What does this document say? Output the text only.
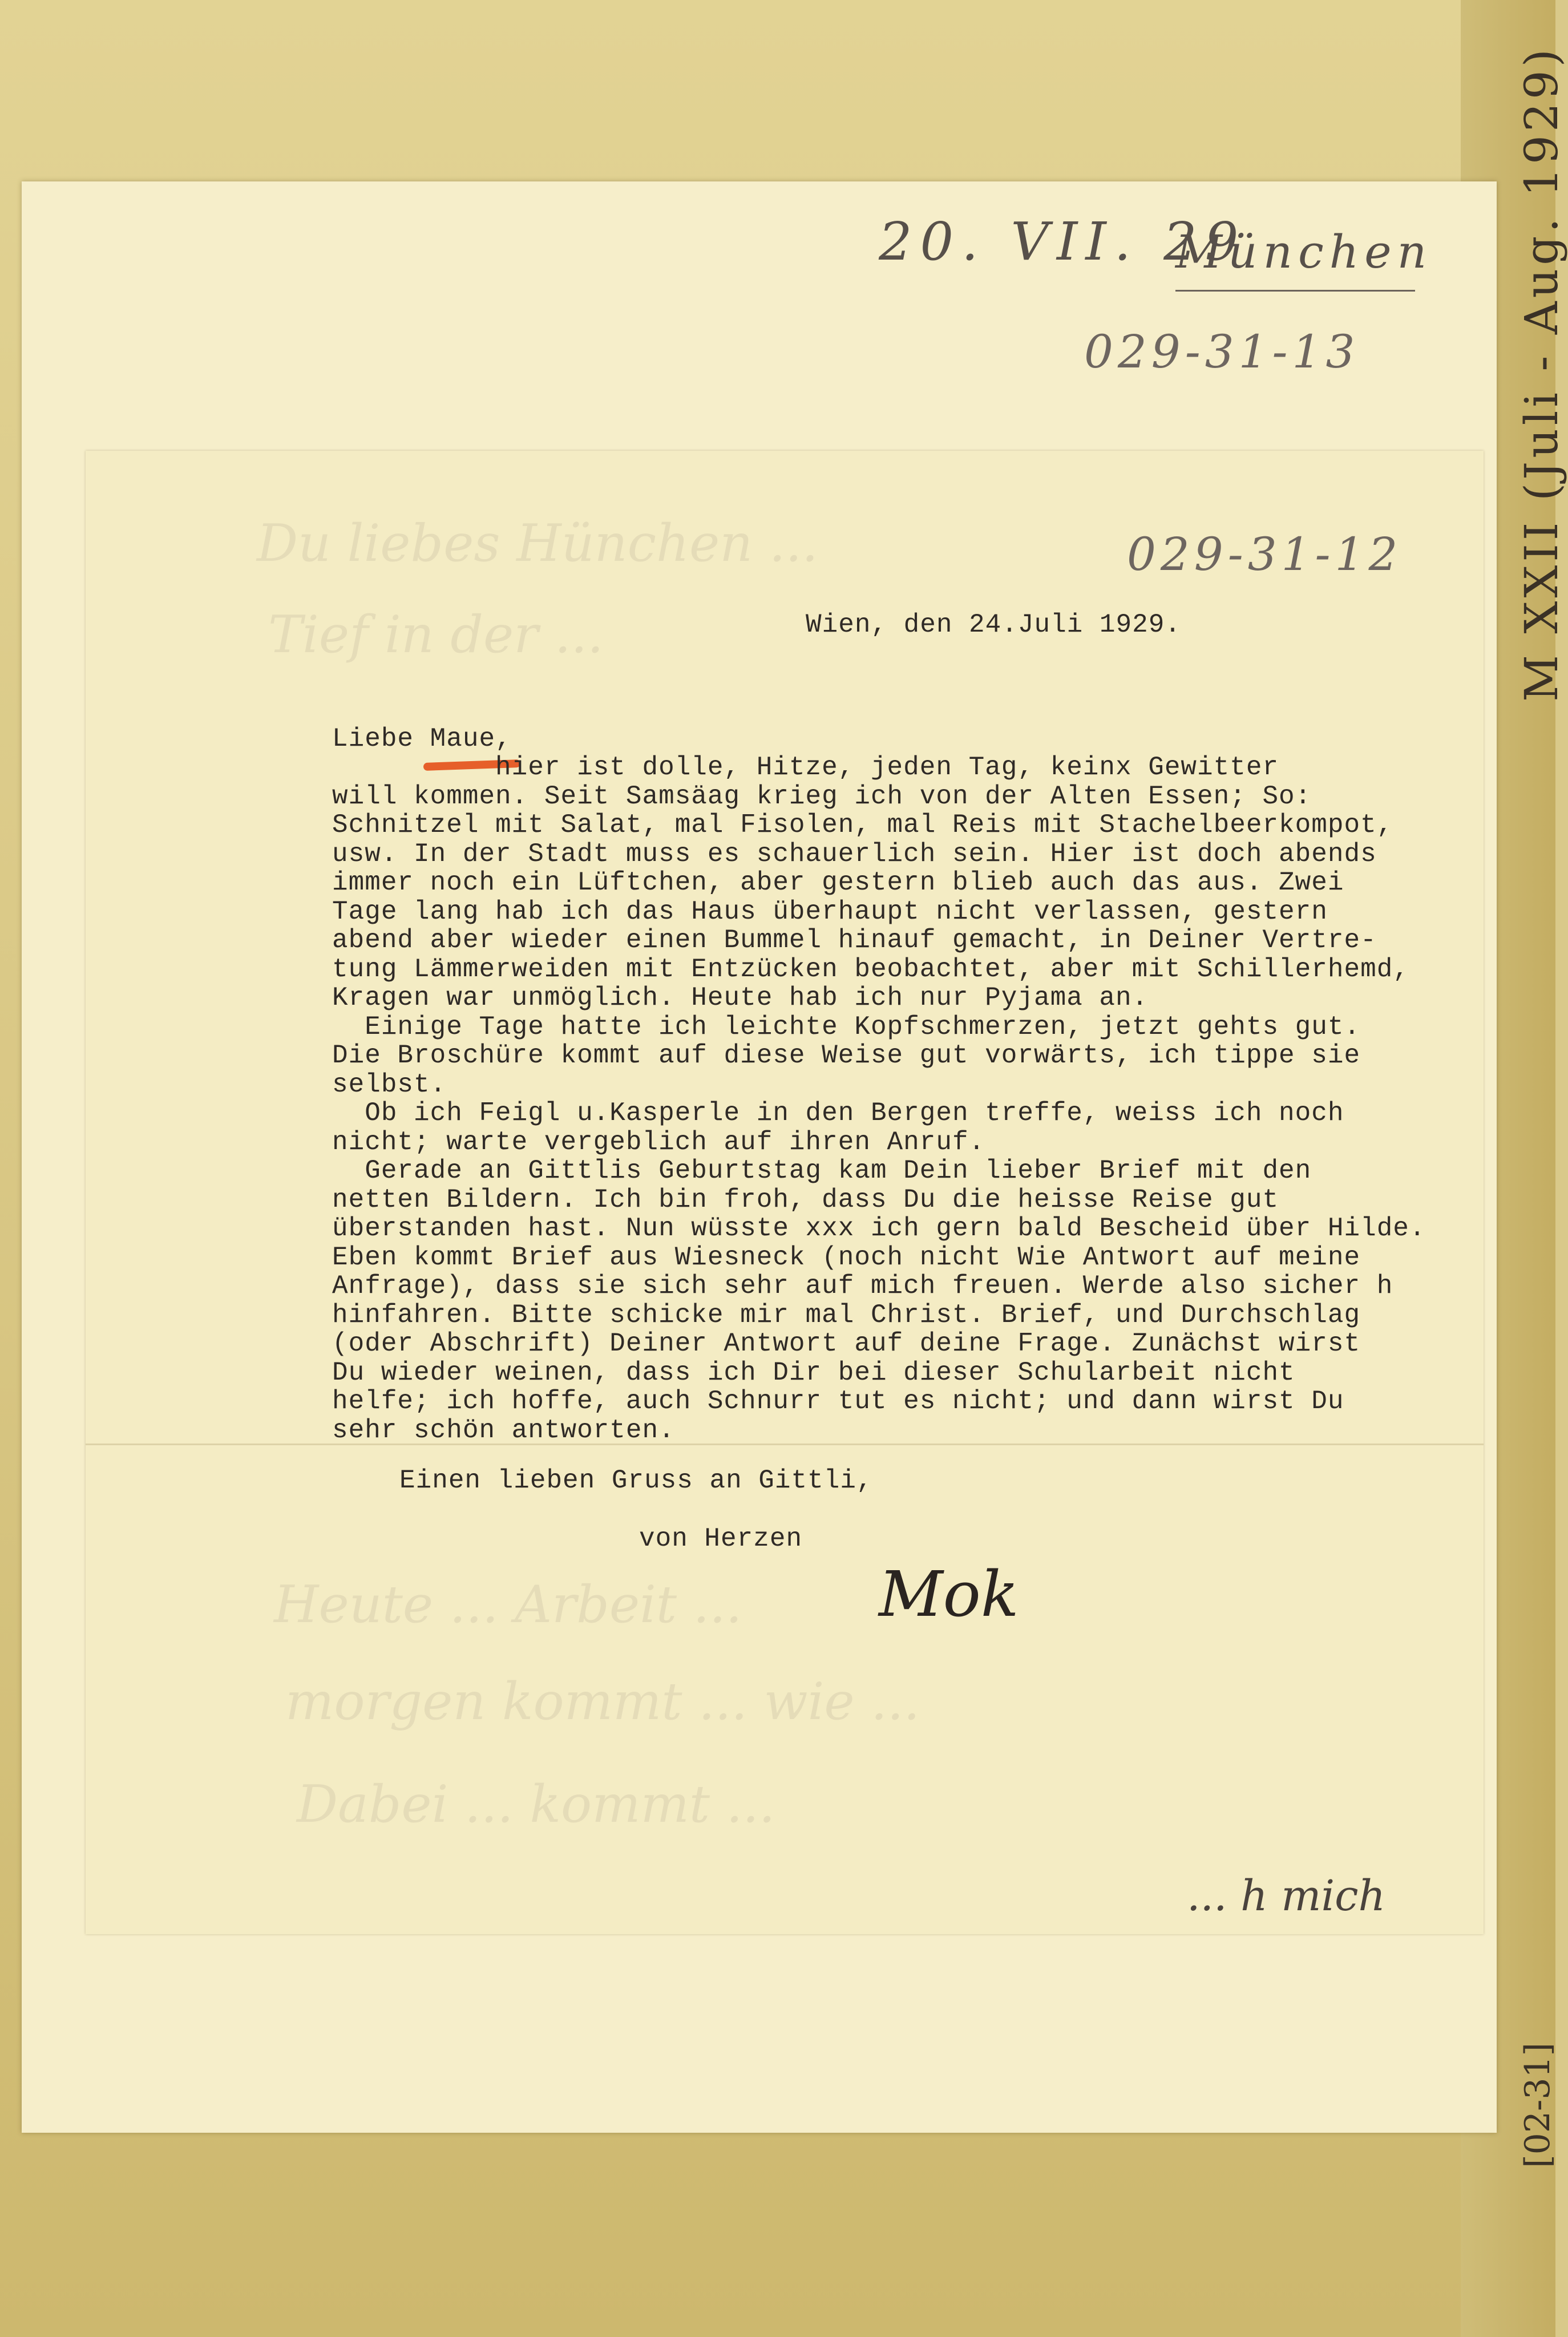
M XXII (Juli - Aug. 1929)
[02-31]
20. VII. 29
München
029-31-13
Du liebes Hünchen ...
Tief in der ...
Heute ... Arbeit ...
morgen kommt ... wie ...
Dabei ... kommt ...
029-31-12
Wien, den 24.Juli 1929.
Liebe Maue,
hier ist dolle, Hitze, jeden Tag, keinx Gewitter
will kommen. Seit Samsäag krieg ich von der Alten Essen; So:
Schnitzel mit Salat, mal Fisolen, mal Reis mit Stachelbeerkompot,
usw. In der Stadt muss es schauerlich sein. Hier ist doch abends
immer noch ein Lüftchen, aber gestern blieb auch das aus. Zwei
Tage lang hab ich das Haus überhaupt nicht verlassen, gestern
abend aber wieder einen Bummel hinauf gemacht, in Deiner Vertre-
tung Lämmerweiden mit Entzücken beobachtet, aber mit Schillerhemd,
Kragen war unmöglich. Heute hab ich nur Pyjama an.
Einige Tage hatte ich leichte Kopfschmerzen, jetzt gehts gut.
Die Broschüre kommt auf diese Weise gut vorwärts, ich tippe sie
selbst.
Ob ich Feigl u.Kasperle in den Bergen treffe, weiss ich noch
nicht; warte vergeblich auf ihren Anruf.
Gerade an Gittlis Geburtstag kam Dein lieber Brief mit den
netten Bildern. Ich bin froh, dass Du die heisse Reise gut
überstanden hast. Nun wüsste xxx ich gern bald Bescheid über Hilde.
Eben kommt Brief aus Wiesneck (noch nicht Wie Antwort auf meine
Anfrage), dass sie sich sehr auf mich freuen. Werde also sicher h
hinfahren. Bitte schicke mir mal Christ. Brief, und Durchschlag
(oder Abschrift) Deiner Antwort auf deine Frage. Zunächst wirst
Du wieder weinen, dass ich Dir bei dieser Schularbeit nicht
helfe; ich hoffe, auch Schnurr tut es nicht; und dann wirst Du
sehr schön antworten.
Einen lieben Gruss an Gittli,
von Herzen
Mok
... h mich
